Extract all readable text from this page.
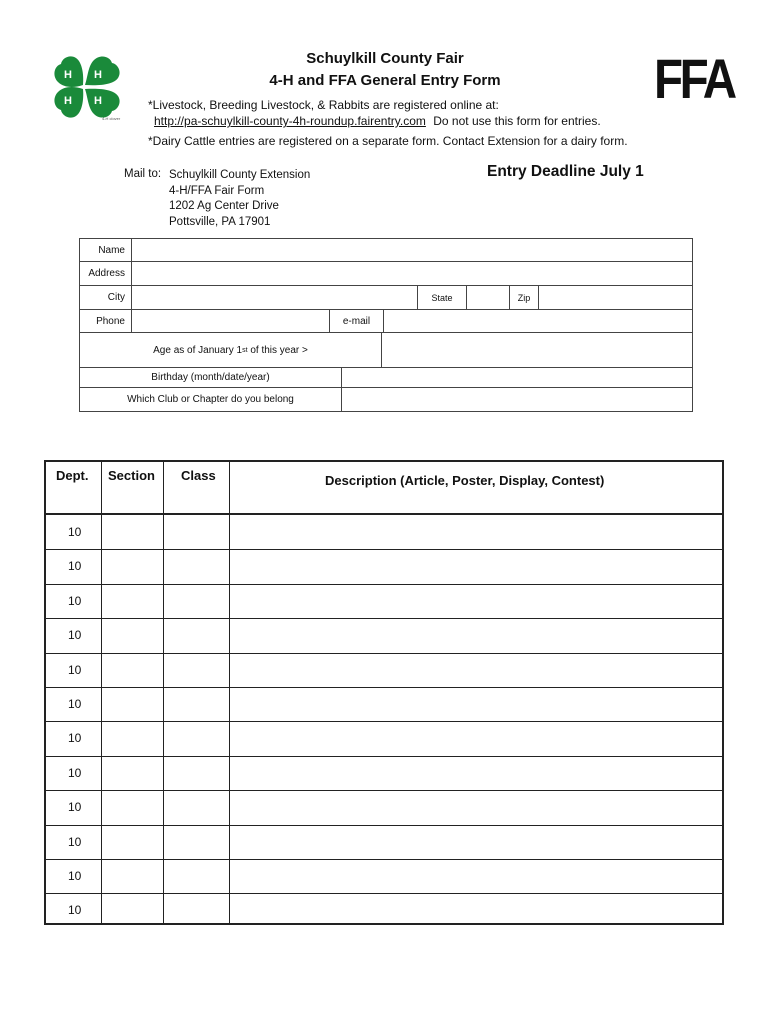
H H
H H
4-H clover
FFA
Schuylkill County Fair
4-H and FFA General Entry Form
*Livestock, Breeding Livestock, & Rabbits are registered online at:
http://pa-schuylkill-county-4h-roundup.fairentry.com Do not use this form for entries.
*Dairy Cattle entries are registered on a separate form. Contact Extension for a dairy form.
Mail to: Schuylkill County Extension
4-H/FFA Fair Form
1202 Ag Center Drive
Pottsville, PA 17901
Entry Deadline July 1
Name
Address
City	State	Zip
Phone	e-mail
Age as of January 1 st of this year >
Birthday (month/date/year)
Which Club or Chapter do you belong
Dept. Section Class	Description (Article, Poster, Display, Contest)
10
10
10
10
10
10
10
10
10
10
10
10
